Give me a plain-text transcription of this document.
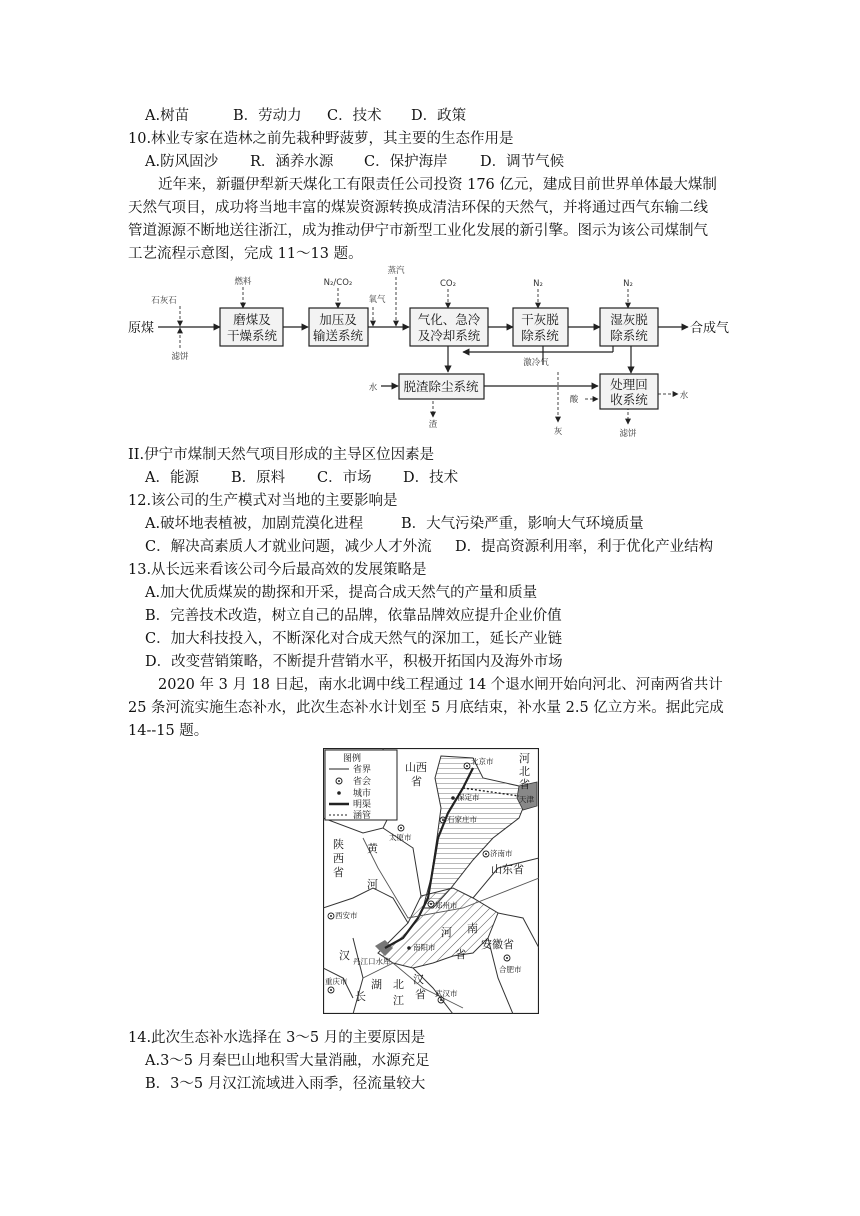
A.树苗	B．劳动力 C．技术 D．政策
10.林业专家在造林之前先栽种野菠萝，其主要的生态作用是
A.防风固沙 R．涵养水源 C．保护海岸 D．调节气候
近年来，新疆伊犁新天煤化工有限责任公司投资 176 亿元，建成目前世界单体最大煤制
天然气项目，成功将当地丰富的煤炭资源转换成清洁环保的天然气，并将通过西气东输二线
管道源源不断地送往浙江，成为推动伊宁市新型工业化发展的新引擎。图示为该公司煤制气
工艺流程示意图，完成 11～13 题。
磨煤及
干燥系统
加压及
输送系统
气化、急冷
及冷却系统
干灰脱
除系统
湿灰脱
除系统
脱渣除尘系统	处理回
收系统
原煤	合成气
石灰石
滤饼
燃料	N₂/CO₂
氧气
蒸汽
CO₂	N₂	N₂
水
渣
激冷气
灰
酸	水
滤饼
II.伊宁市煤制天然气项目形成的主导区位因素是
A．能源 B．原料 C．市场 D．技术
12.该公司的生产模式对当地的主要影响是
A.破坏地表植被，加剧荒漠化进程	B．大气污染严重，影响大气环境质量
C．解决高素质人才就业问题，减少人才外流 D．提高资源利用率，利于优化产业结构
13.从长远来看该公司今后最高效的发展策略是
A.加大优质煤炭的勘探和开采，提高合成天然气的产量和质量
B．完善技术改造，树立自己的品牌，依靠品牌效应提升企业价值
C．加大科技投入，不断深化对合成天然气的深加工，延长产业链
D．改变营销策略，不断提升营销水平，积极开拓国内及海外市场
2020 年 3 月 18 日起，南水北调中线工程通过 14 个退水闸开始向河北、河南两省共计
25 条河流实施生态补水，此次生态补水计划至 5 月底结束，补水量 2.5 亿立方米。据此完成
14--15 题。
图例
省界
省会
城市
明渠
涵管
山西
省
河
北
省
陕
西
省
黄
河
山东省
河 南
省
安徽省
汉
湖 北 汉
省
长 江
北京市
保定市	天津
石家庄市
太原市
济南市
郑州市
西安市
南阳市
丹江口水库
合肥市
重庆市
武汉市
14.此次生态补水选择在 3～5 月的主要原因是
A.3～5 月秦巴山地积雪大量消融，水源充足
B．3～5 月汉江流域进入雨季，径流量较大
